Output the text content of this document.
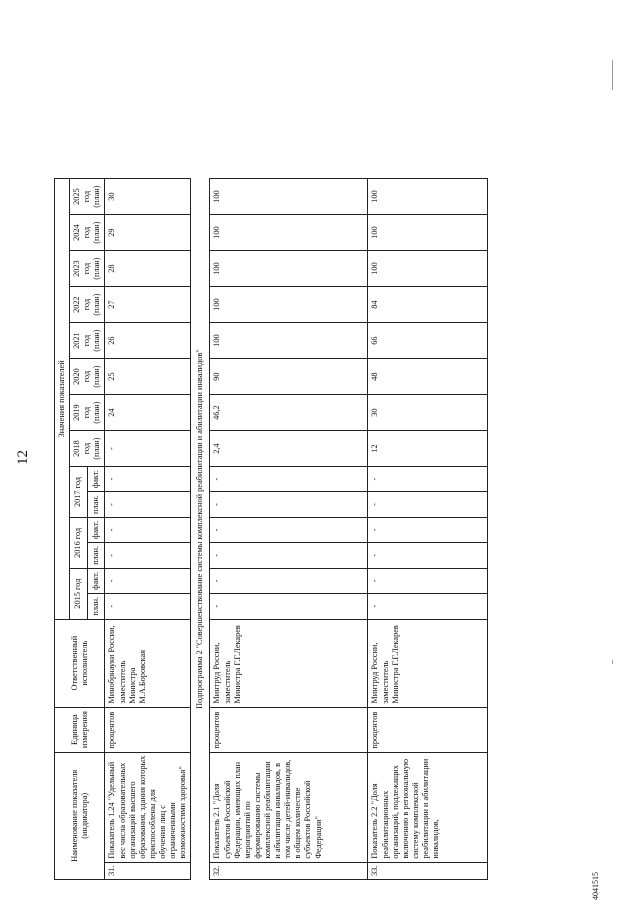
12
Наименование показателя (индикатора)		Единица измерения	Ответственный исполнитель	Значения показателей													
				2015 год		2016 год		2017 год		2018 год (план)	2019 год (план)	2020 год (план)	2021 год (план)	2022 год (план)	2023 год (план)	2024 год (план)	2025 год (план)
				план.	факт.	план.	факт.	план.	факт.								
31.	Показатель 1.24 "Удельный вес числа образовательных организаций высшего образования, здания которых приспособлены для обучения лиц с ограниченными возможностями здоровья"	процентов	Минобрнауки России, заместитель Министра М.А.Боровская	-	-	-	-	-	-	-	24	25	26	27	28	29	30
Подпрограмма 2 "Совершенствование системы комплексной реабилитации и абилитации инвалидов"																	
32.	Показатель 2.1 "Доля субъектов Российской Федерации, имеющих план мероприятий по формированию системы комплексной реабилитации и абилитации инвалидов, в том числе детей-инвалидов, в общем количестве субъектов Российской Федерации"	процентов	Минтруд России, заместитель Министра Г.Г.Лекарев	-	-	-	-	-	-	2,4	46,2	90	100	100	100	100	100
33.	Показатель 2.2 "Доля реабилитационных организаций, подлежащих включению в региональную систему комплексной реабилитации и абилитации инвалидов,	процентов	Минтруд России, заместитель Министра Г.Г.Лекарев	-	-	-	-	-	-	12	30	48	66	84	100	100	100
4041515
